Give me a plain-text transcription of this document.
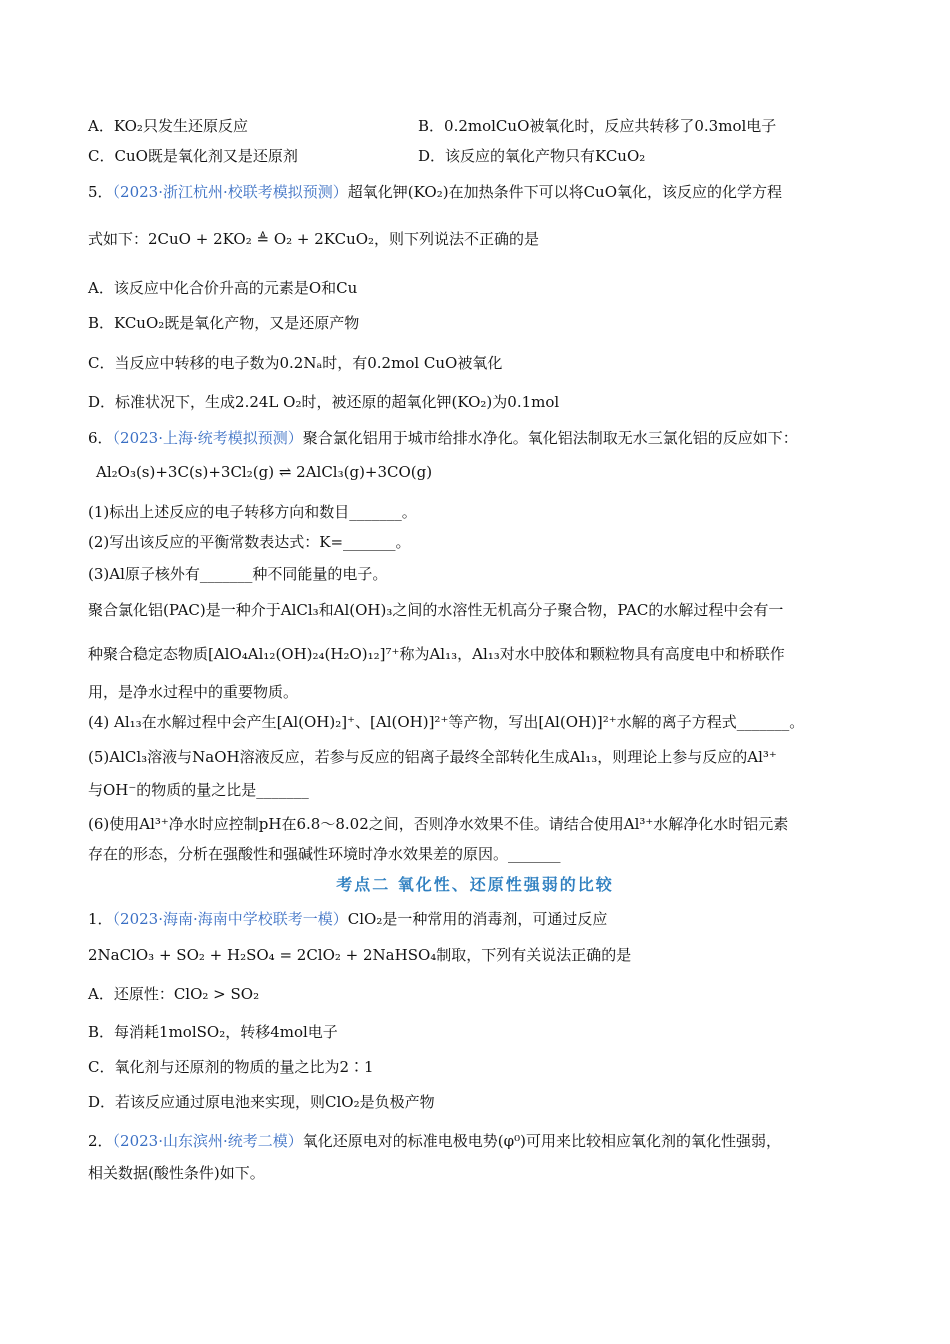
A．KO₂只发生还原反应	B．0.2molCuO被氧化时，反应共转移了0.3mol电子
C．CuO既是氧化剂又是还原剂	D．该反应的氧化产物只有KCuO₂
5．（2023·浙江杭州·校联考模拟预测）超氧化钾(KO₂)在加热条件下可以将CuO氧化，该反应的化学方程
式如下：2CuO + 2KO₂ ≜ O₂ + 2KCuO₂，则下列说法不正确的是
A．该反应中化合价升高的元素是O和Cu
B．KCuO₂既是氧化产物，又是还原产物
C．当反应中转移的电子数为0.2Nₐ时，有0.2mol CuO被氧化
D．标准状况下，生成2.24L O₂时，被还原的超氧化钾(KO₂)为0.1mol
6．（2023·上海·统考模拟预测）聚合氯化铝用于城市给排水净化。氧化铝法制取无水三氯化铝的反应如下：
Al₂O₃(s)+3C(s)+3Cl₂(g) ⇌ 2AlCl₃(g)+3CO(g)
(1)标出上述反应的电子转移方向和数目_______。
(2)写出该反应的平衡常数表达式：K=_______。
(3)Al原子核外有_______种不同能量的电子。
聚合氯化铝(PAC)是一种介于AlCl₃和Al(OH)₃之间的水溶性无机高分子聚合物，PAC的水解过程中会有一
种聚合稳定态物质[AlO₄Al₁₂(OH)₂₄(H₂O)₁₂]⁷⁺称为Al₁₃，Al₁₃对水中胶体和颗粒物具有高度电中和桥联作
用，是净水过程中的重要物质。
(4) Al₁₃在水解过程中会产生[Al(OH)₂]⁺、[Al(OH)]²⁺等产物，写出[Al(OH)]²⁺水解的离子方程式_______。
(5)AlCl₃溶液与NaOH溶液反应，若参与反应的铝离子最终全部转化生成Al₁₃，则理论上参与反应的Al³⁺
与OH⁻的物质的量之比是_______
(6)使用Al³⁺净水时应控制pH在6.8～8.02之间，否则净水效果不佳。请结合使用Al³⁺水解净化水时铝元素
存在的形态，分析在强酸性和强碱性环境时净水效果差的原因。_______
考点二 氧化性、还原性强弱的比较
1．（2023·海南·海南中学校联考一模）ClO₂是一种常用的消毒剂，可通过反应
2NaClO₃ + SO₂ + H₂SO₄ = 2ClO₂ + 2NaHSO₄制取，下列有关说法正确的是
A．还原性：ClO₂ > SO₂
B．每消耗1molSO₂，转移4mol电子
C．氧化剂与还原剂的物质的量之比为2∶1
D．若该反应通过原电池来实现，则ClO₂是负极产物
2．（2023·山东滨州·统考二模）氧化还原电对的标准电极电势(φ⁰)可用来比较相应氧化剂的氧化性强弱，
相关数据(酸性条件)如下。
